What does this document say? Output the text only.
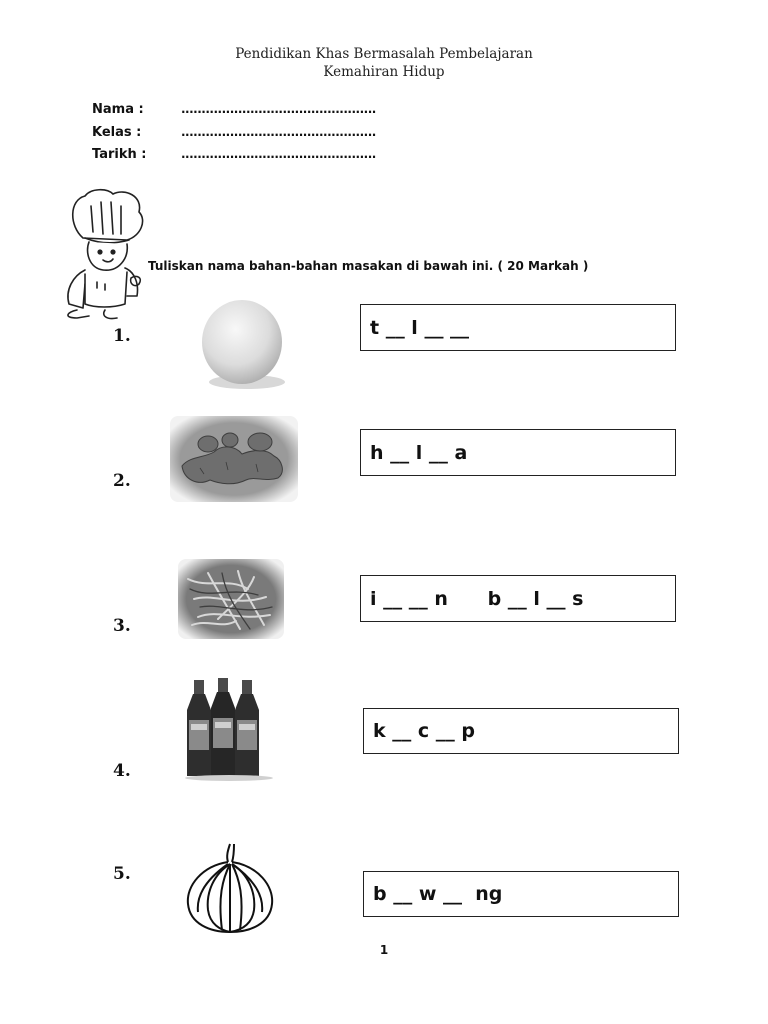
Pendidikan Khas Bermasalah Pembelajaran
Kemahiran Hidup
Nama :	................................................
Kelas :	................................................
Tarikh :	................................................
Tuliskan nama bahan-bahan masakan di bawah ini. ( 20 Markah )
1.	t __ l __ __
2.
h __ l __ a
3.
i __ __ n      b __ l __ s
4.
k __ c __ p
5.
b __ w __  ng
1
